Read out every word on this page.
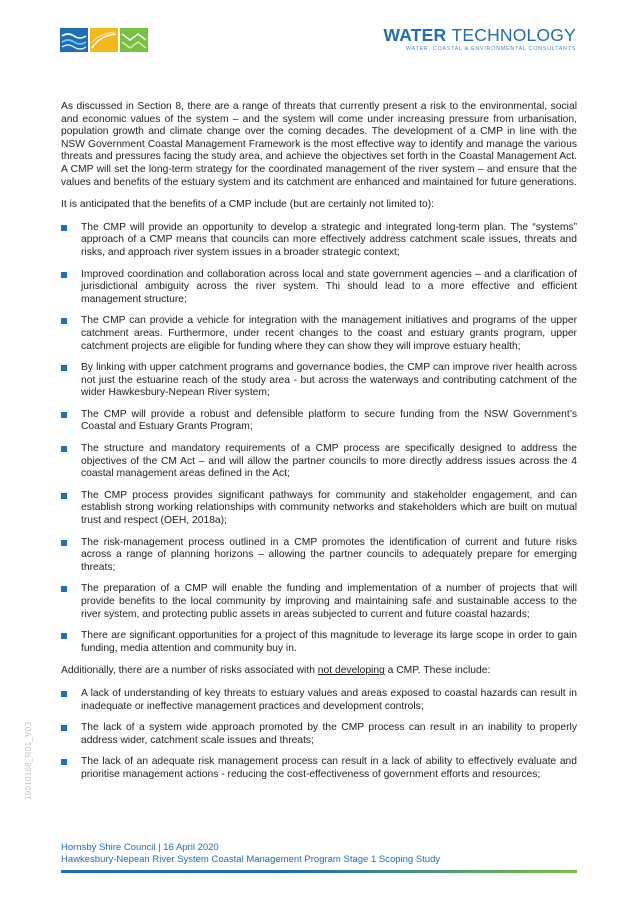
WATER TECHNOLOGY
WATER, COASTAL & ENVIRONMENTAL CONSULTANTS

As discussed in Section 8, there are a range of threats that currently present a risk to the environmental, social and economic values of the system – and the system will come under increasing pressure from urbanisation, population growth and climate change over the coming decades. The development of a CMP in line with the NSW Government Coastal Management Framework is the most effective way to identify and manage the various threats and pressures facing the study area, and achieve the objectives set forth in the Coastal Management Act. A CMP will set the long-term strategy for the coordinated management of the river system – and ensure that the values and benefits of the estuary system and its catchment are enhanced and maintained for future generations.

It is anticipated that the benefits of a CMP include (but are certainly not limited to):

The CMP will provide an opportunity to develop a strategic and integrated long-term plan. The “systems” approach of a CMP means that councils can more effectively address catchment scale issues, threats and risks, and approach river system issues in a broader strategic context;
Improved coordination and collaboration across local and state government agencies – and a clarification of jurisdictional ambiguity across the river system. Thi should lead to a more effective and efficient management structure;
The CMP can provide a vehicle for integration with the management initiatives and programs of the upper catchment areas. Furthermore, under recent changes to the coast and estuary grants program, upper catchment projects are eligible for funding where they can show they will improve estuary health;
By linking with upper catchment programs and governance bodies, the CMP can improve river health across not just the estuarine reach of the study area - but across the waterways and contributing catchment of the wider Hawkesbury-Nepean River system;
The CMP will provide a robust and defensible platform to secure funding from the NSW Government’s Coastal and Estuary Grants Program;
The structure and mandatory requirements of a CMP process are specifically designed to address the objectives of the CM Act – and will allow the partner councils to more directly address issues across the 4 coastal management areas defined in the Act;
The CMP process provides significant pathways for community and stakeholder engagement, and can establish strong working relationships with community networks and stakeholders which are built on mutual trust and respect (OEH, 2018a);
The risk-management process outlined in a CMP promotes the identification of current and future risks across a range of planning horizons – allowing the partner councils to adequately prepare for emerging threats;
The preparation of a CMP will enable the funding and implementation of a number of projects that will provide benefits to the local community by improving and maintaining safe and sustainable access to the river system, and protecting public assets in areas subjected to current and future coastal hazards;
There are significant opportunities for a project of this magnitude to leverage its large scope in order to gain funding, media attention and community buy in.

Additionally, there are a number of risks associated with not developing a CMP. These include:

A lack of understanding of key threats to estuary values and areas exposed to coastal hazards can result in inadequate or ineffective management practices and development controls;
The lack of a system wide approach promoted by the CMP process can result in an inability to properly address wider, catchment scale issues and threats;
The lack of an adequate risk management process can result in a lack of ability to effectively evaluate and prioritise management actions - reducing the cost-effectiveness of government efforts and resources;
19010168_R01_V03
Hornsby Shire Council | 16 April 2020
Hawkesbury-Nepean River System Coastal Management Program Stage 1 Scoping Study
